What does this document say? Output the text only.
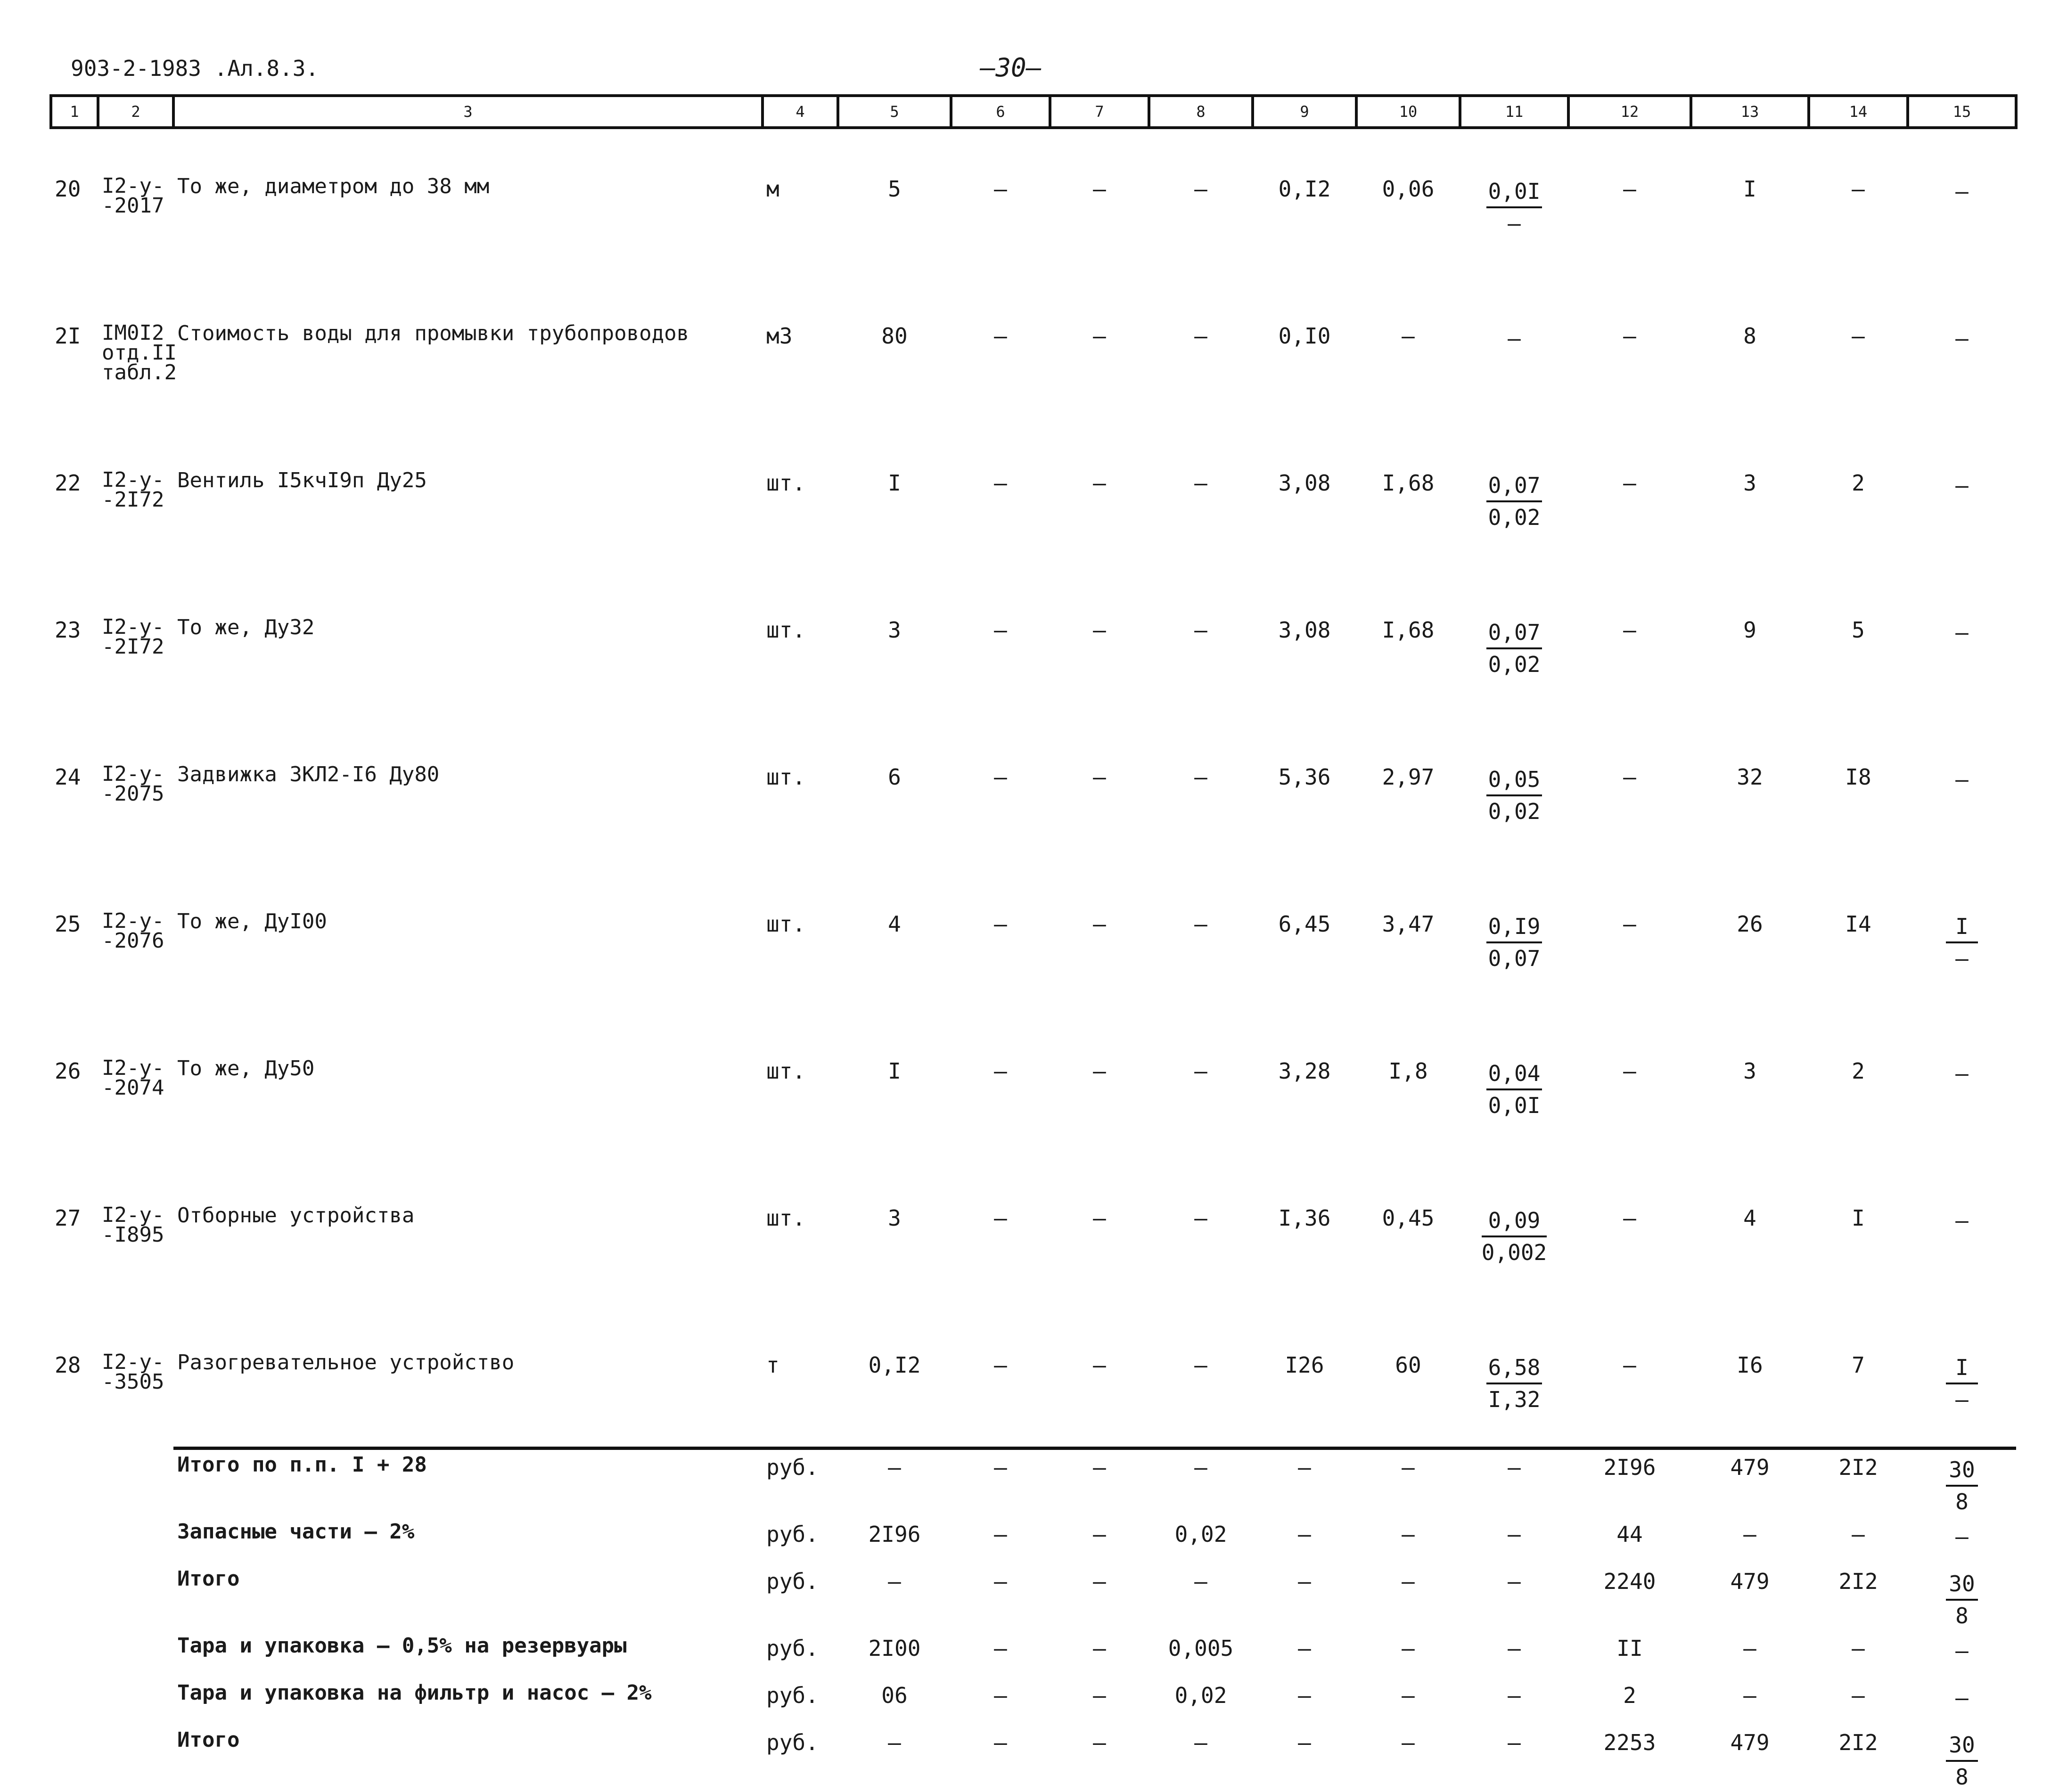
903-2-1983 .Ал.8.3.	— 30 —
1	2	3	4	5	6	7	8	9	10	11	12	13	14	15
20	I2-у-
-2017	То же, диаметром до 38 мм	м	5	–	–	–	0,I2	0,06	$\frac{0,0I}{-}$	–	I	–	–

2I	IМ0I2
отд.II
табл.2	Стоимость воды для промывки трубопроводов	м3	80	–	–	–	0,I0	–	–	–	8	–	–

22	I2-у-
-2I72	Вентиль I5кчI9п Ду25	шт.	I	–	–	–	3,08	I,68	$\frac{0,07}{0,02}$	–	3	2	–

23	I2-у-
-2I72	То же, Ду32	шт.	3	–	–	–	3,08	I,68	$\frac{0,07}{0,02}$	–	9	5	–

24	I2-у-
-2075	Задвижка ЗКЛ2-I6 Ду80	шт.	6	–	–	–	5,36	2,97	$\frac{0,05}{0,02}$	–	32	I8	–

25	I2-у-
-2076	То же, ДуI00	шт.	4	–	–	–	6,45	3,47	$\frac{0,I9}{0,07}$	–	26	I4	$\frac{I}{-}$

26	I2-у-
-2074	То же, Ду50	шт.	I	–	–	–	3,28	I,8	$\frac{0,04}{0,0I}$	–	3	2	–

27	I2-у-
-I895	Отборные устройства	шт.	3	–	–	–	I,36	0,45	$\frac{0,09}{0,002}$	–	4	I	–

28	I2-у-
-3505	Разогревательное устройство	т	0,I2	–	–	–	I26	60	$\frac{6,58}{I,32}$	–	I6	7	$\frac{I}{-}$

		Итого по п.п. I + 28	руб.	–	–	–	–	–	–	–	2I96	479	2I2	$\frac{30}{8}$

		Запасные части – 2%	руб.	2I96	–	–	0,02	–	–	–	44	–	–	–

		Итого	руб.	–	–	–	–	–	–	–	2240	479	2I2	$\frac{30}{8}$

		Тара и упаковка – 0,5% на резервуары	руб.	2I00	–	–	0,005	–	–	–	II	–	–	–

		Тара и упаковка на фильтр и насос – 2%	руб.	06	–	–	0,02	–	–	–	2	–	–	–

		Итого	руб.	–	–	–	–	–	–	–	2253	479	2I2	$\frac{30}{8}$
